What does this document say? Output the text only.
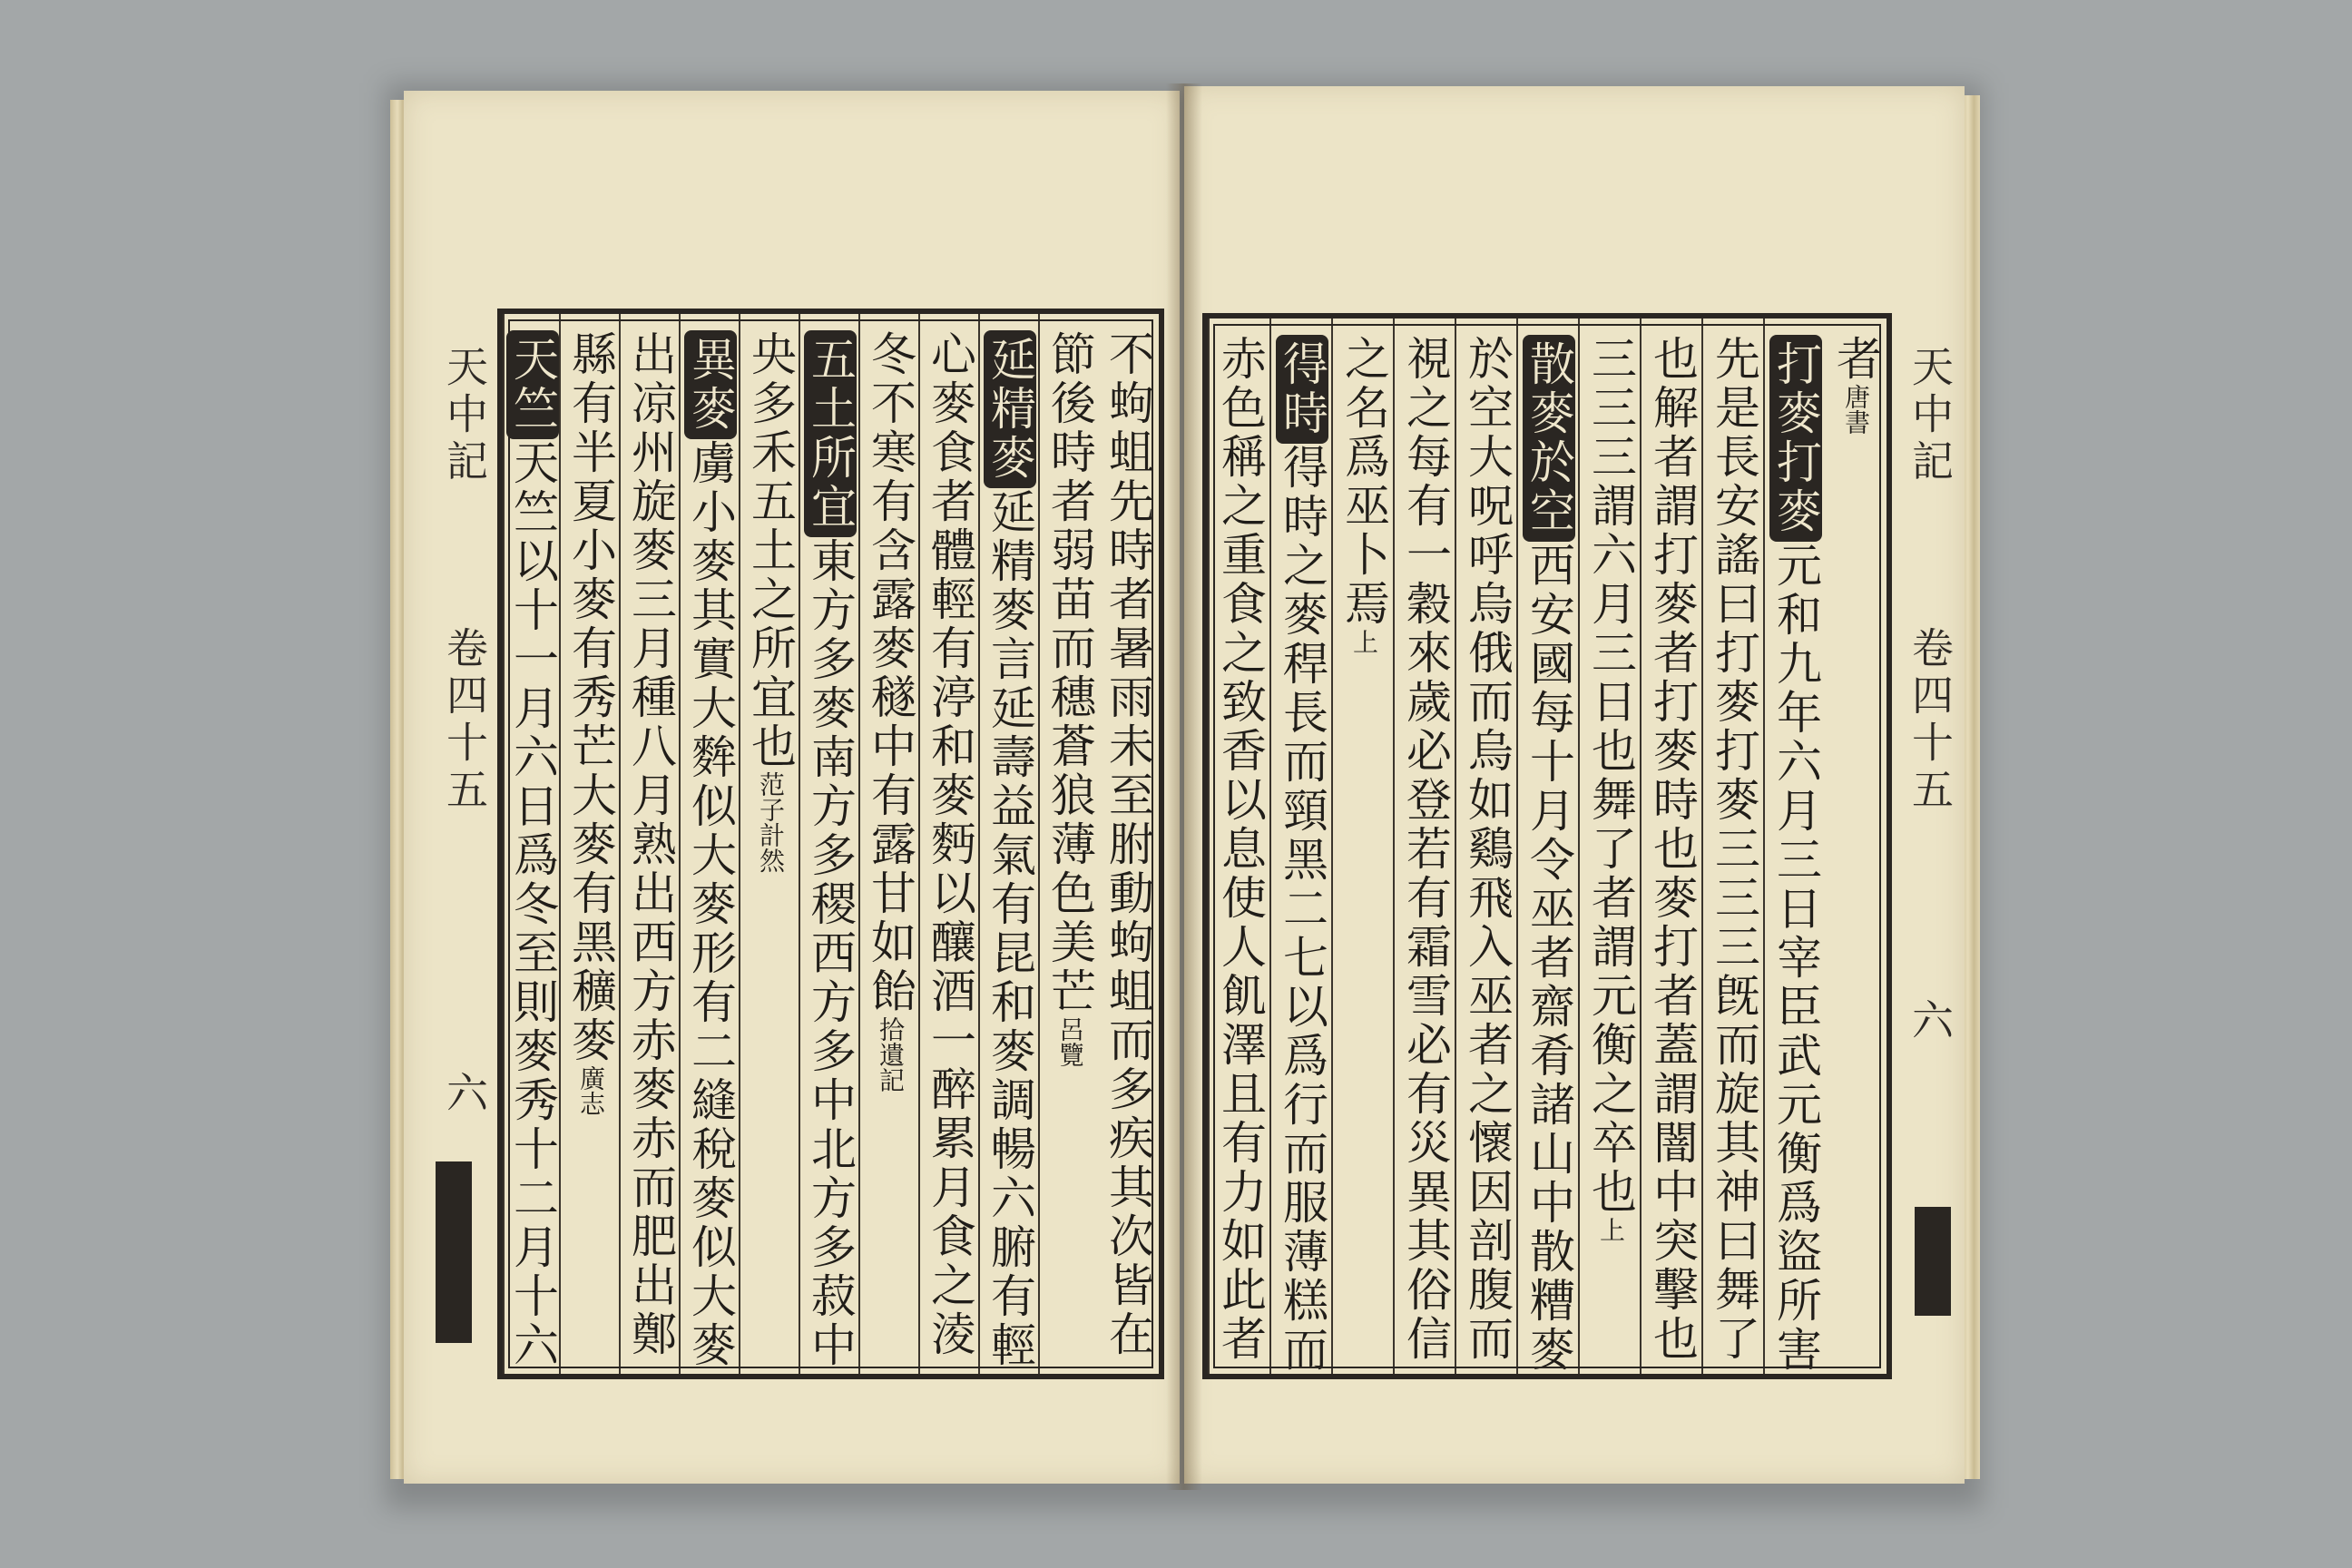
天中記
卷四十五
六
天中記
卷四十五
六
不蚼蛆先時者暑雨未至胕動蚼蛆而多疾其次皆在
節後時者弱苗而穗蒼狼薄色美芒呂覽
延精麥延精麥言延壽益氣有昆和麥調暢六腑有輕
心麥食者體輕有渟和麥麪以釀酒一醉累月食之淩
冬不寒有含露麥穟中有露甘如飴拾遺記
五土所宜東方多麥南方多稷西方多中北方多菽中
央多禾五土之所宜也范子計然
異麥虜小麥其實大麰似大麥形有二縫稅麥似大麥
出凉州旋麥三月種八月熟出西方赤麥赤而肥出鄭
縣有半夏小麥有秀芒大麥有黑穬麥廣志
天竺天竺以十一月六日爲冬至則麥秀十二月十六
者唐書
打麥打麥元和九年六月三日宰臣武元衡爲盜所害
先是長安謠曰打麥打麥三三三旣而旋其神曰舞了
也解者謂打麥者打麥時也麥打者蓋謂闇中突擊也
三三三謂六月三日也舞了者謂元衡之卒也上
散麥於空西安國每十月令巫者齋肴諸山中散糟麥
於空大呪呼烏俄而烏如鷄飛入巫者之懷因剖腹而
視之每有一穀來歲必登若有霜雪必有災異其俗信
之名爲巫卜焉上
得時得時之麥稈長而頸黑二七以爲行而服薄糕而
赤色稱之重食之致香以息使人飢澤且有力如此者
